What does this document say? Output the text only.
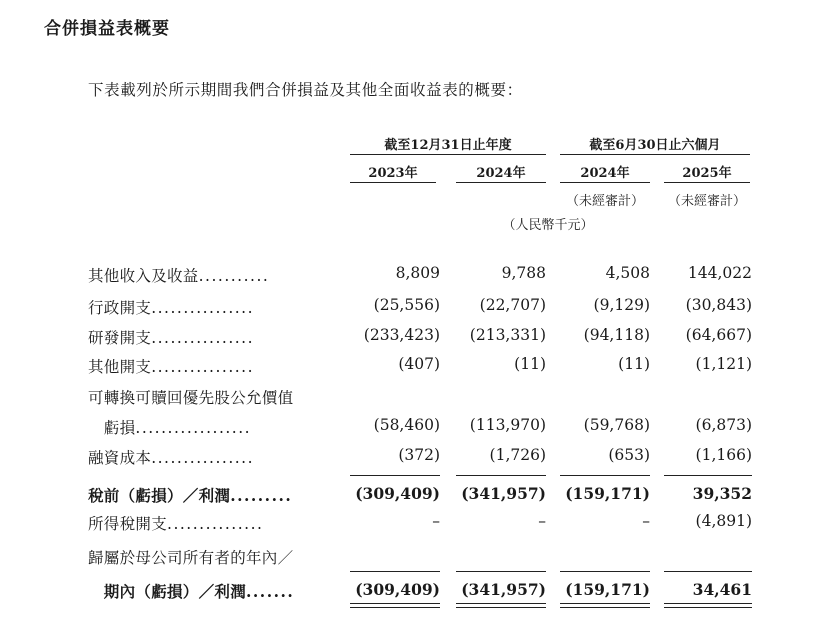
合併損益表概要

下表載列於所示期間我們合併損益及其他全面收益表的概要：

截至12月31日止年度	截至6月30日止六個月
2023年	2024年	2024年	2025年
（未經審計）	（未經審計）
（人民幣千元）
其他收入及收益...........	8,809	9,788	4,508	144,022
行政開支................	(25,556)	(22,707)	(9,129)	(30,843)
研發開支................	(233,423)	(213,331)	(94,118)	(64,667)
其他開支................	(407)	(11)	(11)	(1,121)
可轉換可贖回優先股公允價值
　虧損..................	(58,460)	(113,970)	(59,768)	(6,873)
融資成本................	(372)	(1,726)	(653)	(1,166)
稅前（虧損）／利潤.........	(309,409)	(341,957)	(159,171)	39,352
所得稅開支...............	–	–	–	(4,891)
歸屬於母公司所有者的年內／
　期內（虧損）／利潤.......	(309,409)	(341,957)	(159,171)	34,461
